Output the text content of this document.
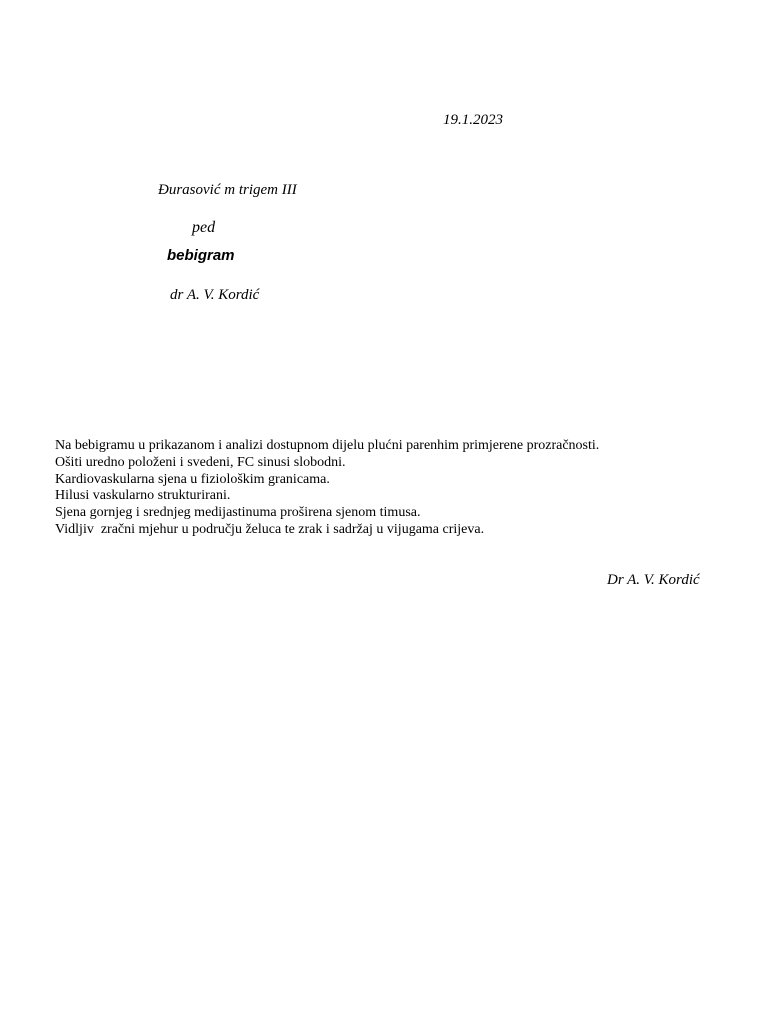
19.1.2023
Đurasović m trigem III
ped
bebigram
dr A. V. Kordić
Na bebigramu u prikazanom i analizi dostupnom dijelu plućni parenhim primjerene prozračnosti.
Ošiti uredno položeni i svedeni, FC sinusi slobodni.
Kardiovaskularna sjena u fiziološkim granicama.
Hilusi vaskularno strukturirani.
Sjena gornjeg i srednjeg medijastinuma proširena sjenom timusa.
Vidljiv  zračni mjehur u području želuca te zrak i sadržaj u vijugama crijeva.
Dr A. V. Kordić
